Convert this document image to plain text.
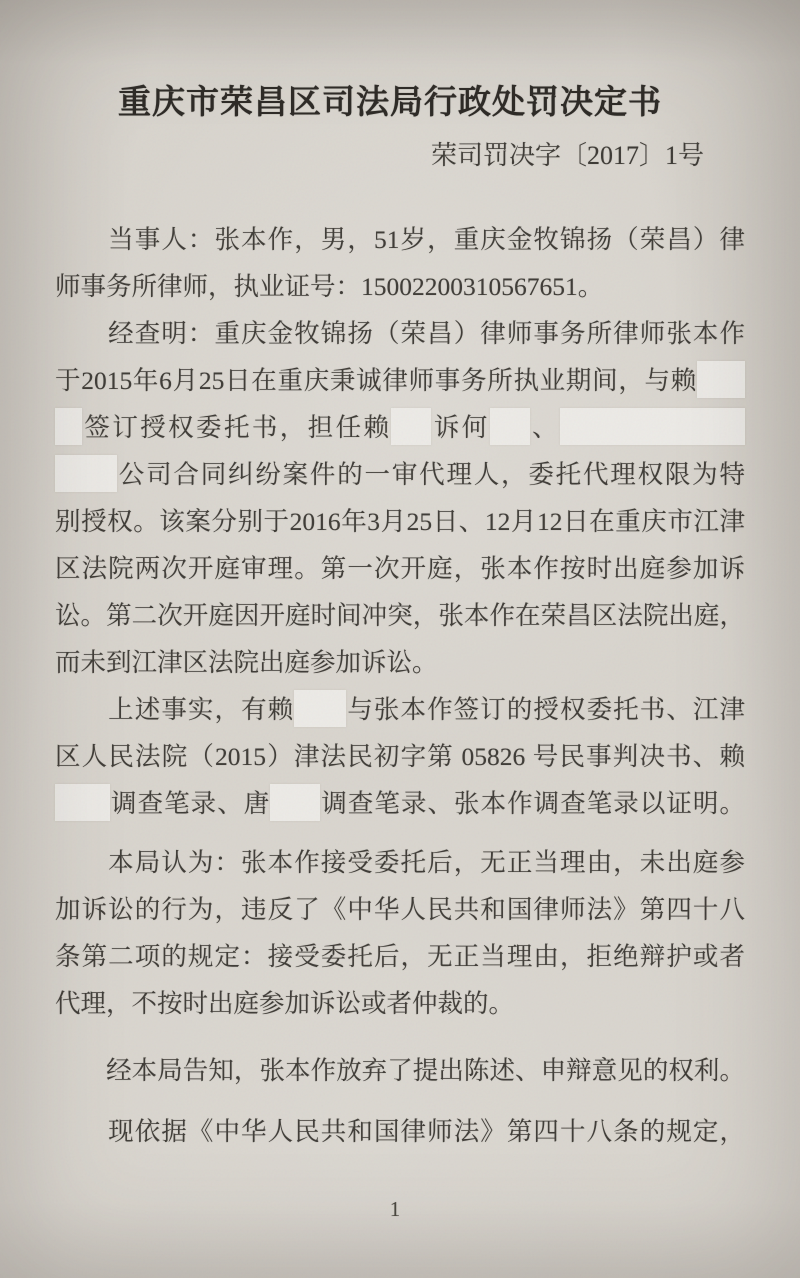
重庆市荣昌区司法局行政处罚决定书
荣司罚决字〔2017〕1号
　　当事人：张本作，男，51岁，重庆金牧锦扬（荣昌）律
师事务所律师，执业证号：15002200310567651。
　　经查明：重庆金牧锦扬（荣昌）律师事务所律师张本作
于2015年6月25日在重庆秉诚律师事务所执业期间，与赖
签订授权委托书，担任赖 诉何 、
公司合同纠纷案件的一审代理人，委托代理权限为特
别授权。该案分别于2016年3月25日、12月12日在重庆市江津
区法院两次开庭审理。第一次开庭，张本作按时出庭参加诉
讼。第二次开庭因开庭时间冲突，张本作在荣昌区法院出庭，
而未到江津区法院出庭参加诉讼。
　　上述事实，有赖 与张本作签订的授权委托书、江津
区人民法院（2015）津法民初字第 05826 号民事判决书、赖
调查笔录、唐 调查笔录、张本作调查笔录以证明。
　　本局认为：张本作接受委托后，无正当理由，未出庭参
加诉讼的行为，违反了《中华人民共和国律师法》第四十八
条第二项的规定：接受委托后，无正当理由，拒绝辩护或者
代理，不按时出庭参加诉讼或者仲裁的。
　　经本局告知，张本作放弃了提出陈述、申辩意见的权利。
　　现依据《中华人民共和国律师法》第四十八条的规定，
1
